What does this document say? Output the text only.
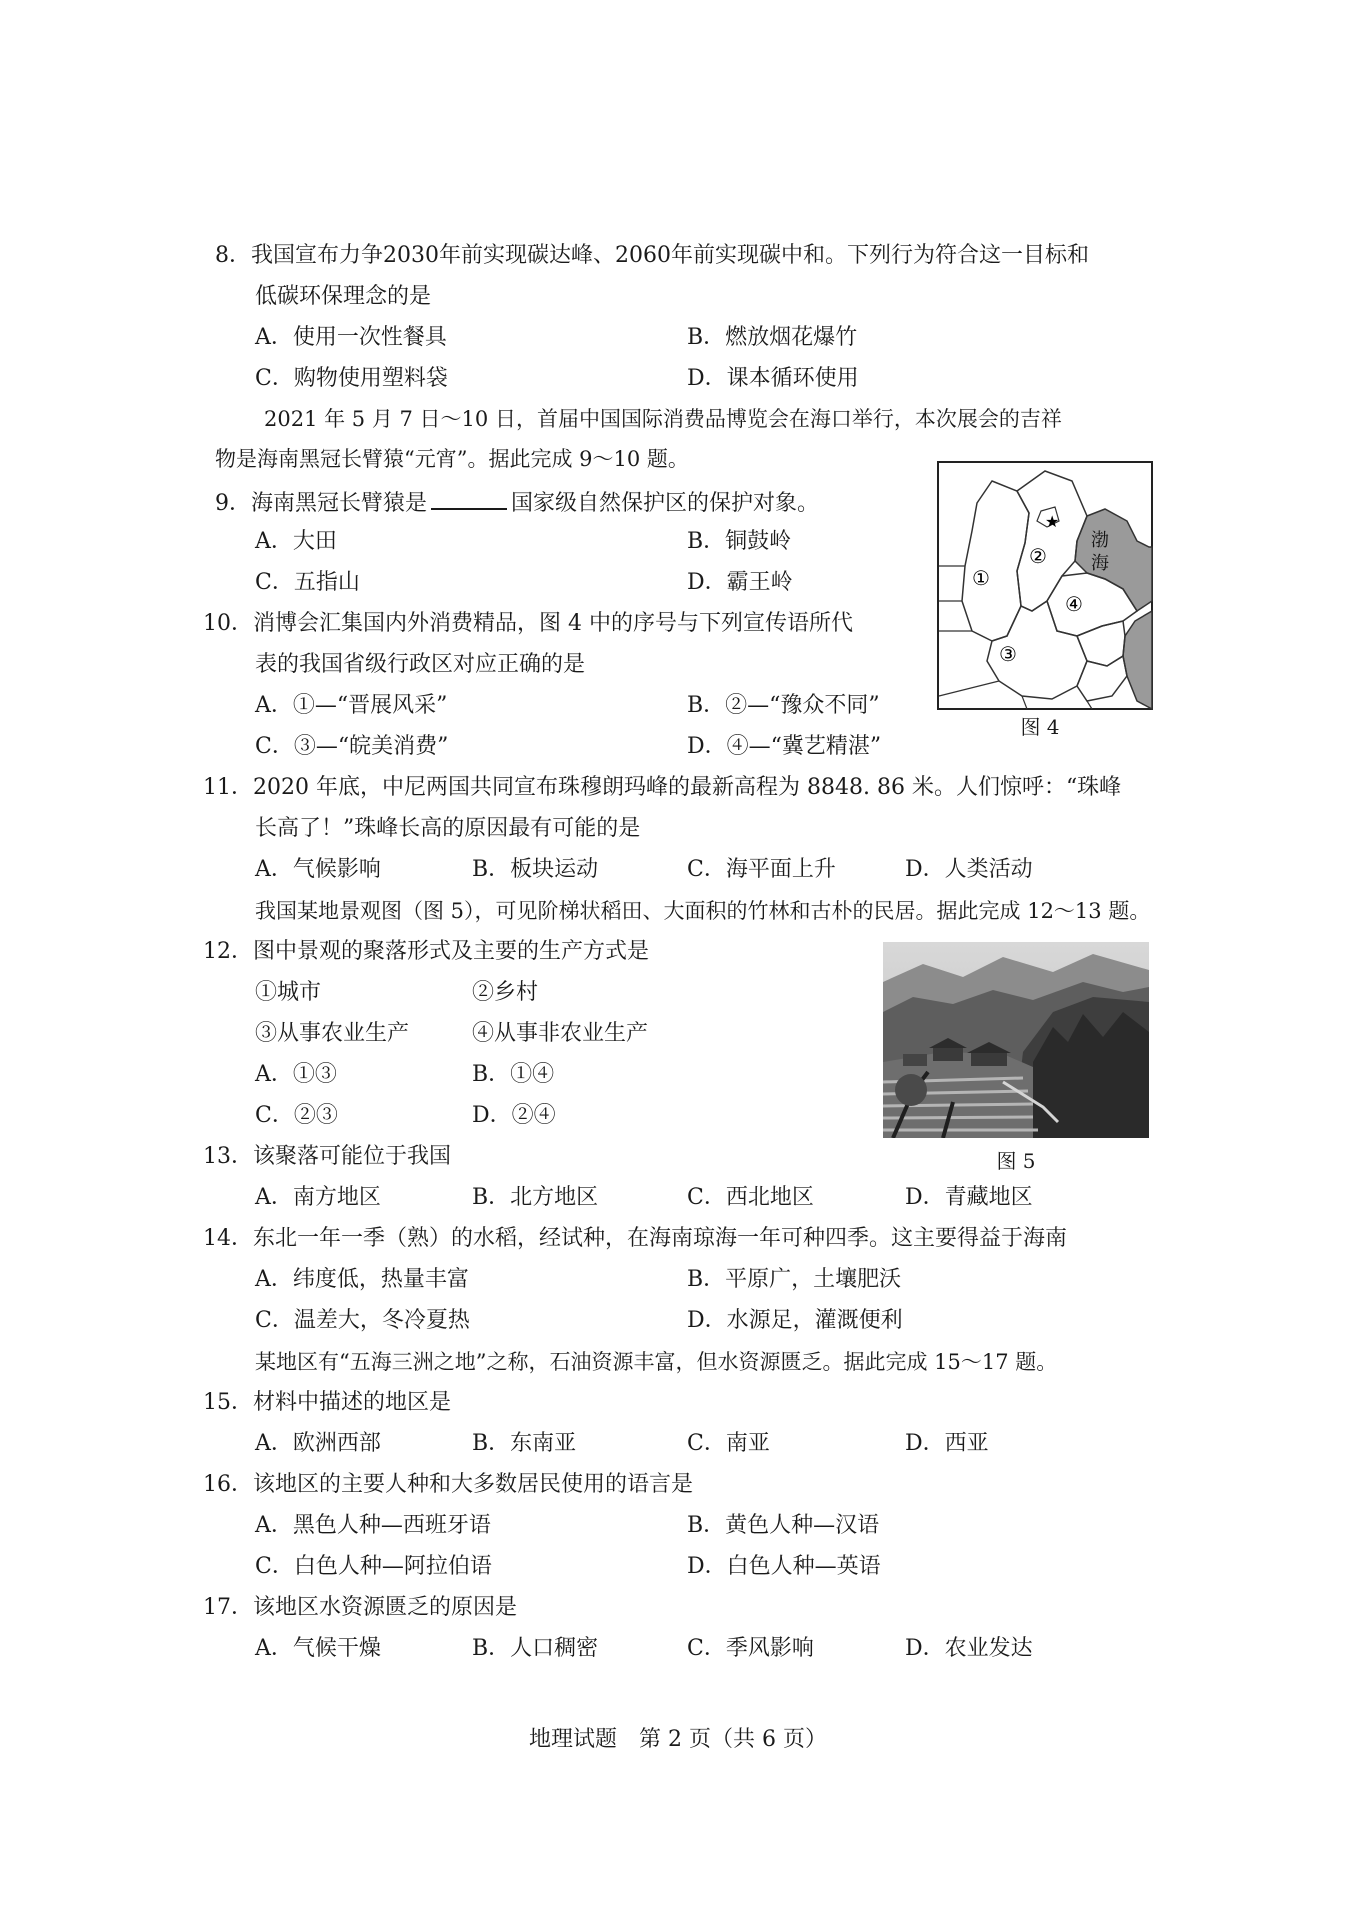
8．我国宣布力争2030年前实现碳达峰、2060年前实现碳中和。下列行为符合这一目标和
低碳环保理念的是
A．使用一次性餐具	B．燃放烟花爆竹
C．购物使用塑料袋	D．课本循环使用
2021 年 5 月 7 日～10 日，首届中国国际消费品博览会在海口举行，本次展会的吉祥
物是海南黑冠长臂猿“元宵”。据此完成 9～10 题。
9．海南黑冠长臂猿是	国家级自然保护区的保护对象。
A．大田	B．铜鼓岭
C．五指山	D．霸王岭
10．消博会汇集国内外消费精品，图 4 中的序号与下列宣传语所代
表的我国省级行政区对应正确的是
A．①—“晋展风采”	B．②—“豫众不同”
C．③—“皖美消费”	D．④—“冀艺精湛”
★
①
②
③
④
渤
海
图 4
11．2020 年底，中尼两国共同宣布珠穆朗玛峰的最新高程为 8848. 86 米。人们惊呼：“珠峰
长高了！”珠峰长高的原因最有可能的是
A．气候影响	B．板块运动	C．海平面上升	D．人类活动
我国某地景观图（图 5），可见阶梯状稻田、大面积的竹林和古朴的民居。据此完成 12～13 题。
12．图中景观的聚落形式及主要的生产方式是
①城市	②乡村
③从事农业生产	④从事非农业生产
A．①③	B．①④
C．②③	D．②④
图 5
13．该聚落可能位于我国
A．南方地区	B．北方地区	C．西北地区	D．青藏地区
14．东北一年一季（熟）的水稻，经试种，在海南琼海一年可种四季。这主要得益于海南
A．纬度低，热量丰富	B．平原广，土壤肥沃
C．温差大，冬冷夏热	D．水源足，灌溉便利
某地区有“五海三洲之地”之称，石油资源丰富，但水资源匮乏。据此完成 15～17 题。
15．材料中描述的地区是
A．欧洲西部	B．东南亚	C．南亚	D．西亚
16．该地区的主要人种和大多数居民使用的语言是
A．黑色人种—西班牙语	B．黄色人种—汉语
C．白色人种—阿拉伯语	D．白色人种—英语
17．该地区水资源匮乏的原因是
A．气候干燥	B．人口稠密	C．季风影响	D．农业发达
地理试题　第 2 页（共 6 页）
